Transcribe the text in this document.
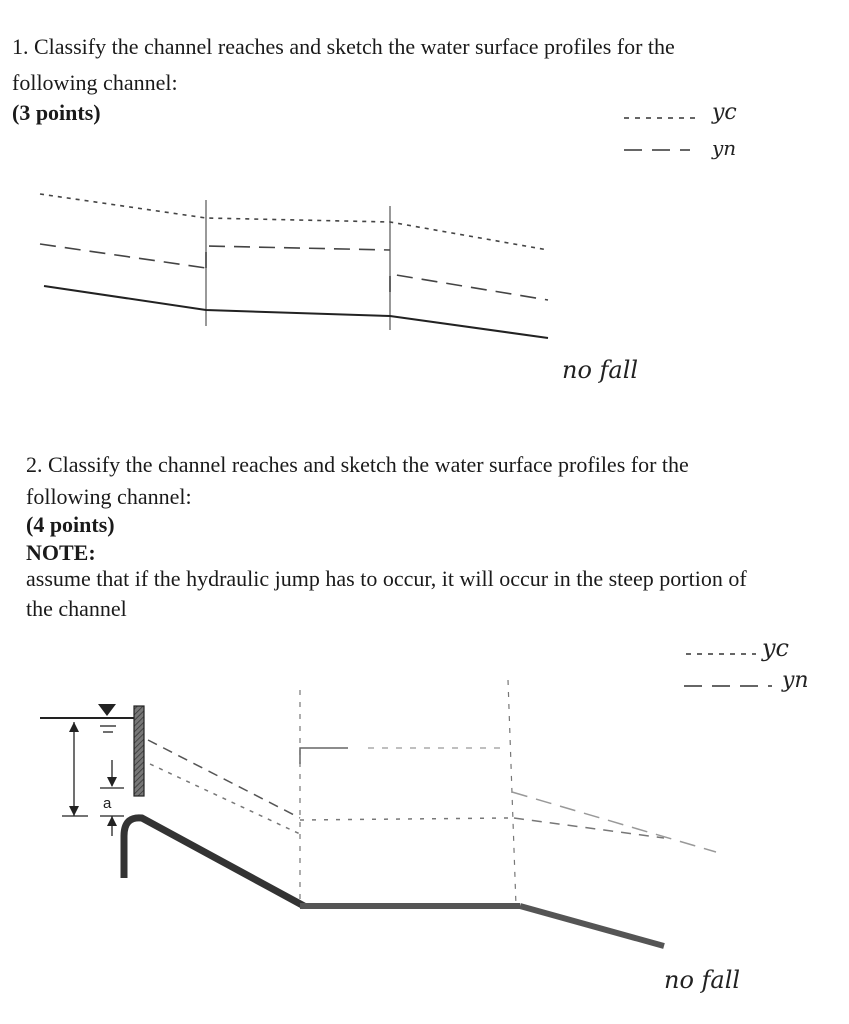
1. Classify the channel reaches and sketch the water surface profiles for the
following channel:
(3 points)	yc
yn
no fall
2. Classify the channel reaches and sketch the water surface profiles for the
following channel:
(4 points)
NOTE:
assume that if the hydraulic jump has to occur, it will occur in the steep portion of
the channel
yc
yn
no fall
a
